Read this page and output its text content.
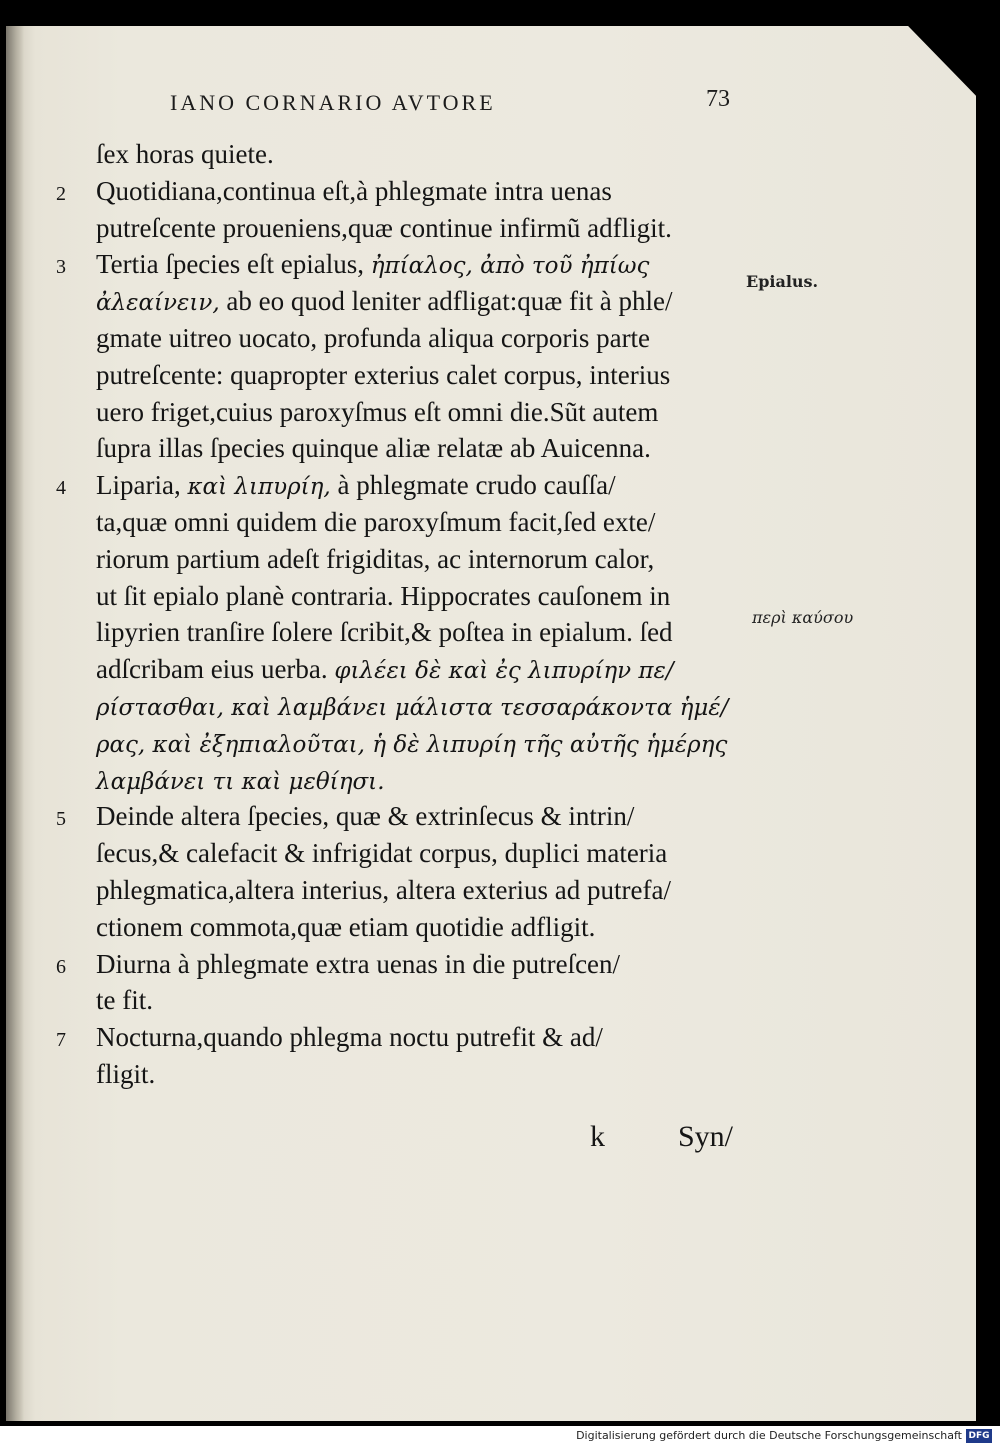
IANO CORNARIO AVTORE	73
ſex horas quiete.
2 Quotidiana,continua eſt,à phlegmate intra uenas
putreſcente proueniens,quæ continue infirmũ adfligit.
3 Tertia ſpecies eſt epialus, ἠπίαλος, ἀπὸ τοῦ ἠπίως
ἀλεαίνειν, ab eo quod leniter adfligat:quæ fit à phle/
gmate uitreo uocato, profunda aliqua corporis parte
putreſcente: quapropter exterius calet corpus, interius
uero friget,cuius paroxyſmus eſt omni die.Sũt autem
ſupra illas ſpecies quinque aliæ relatæ ab Auicenna.
4 Liparia, καὶ λιπυρίη, à phlegmate crudo cauſſa/
ta,quæ omni quidem die paroxyſmum facit,ſed exte/
riorum partium adeſt frigiditas, ac internorum calor,
ut ſit epialo planè contraria. Hippocrates cauſonem in
lipyrien tranſire ſolere ſcribit,& poſtea in epialum. ſed
adſcribam eius uerba. φιλέει δὲ καὶ ἐς λιπυρίην πε/
ρίστασθαι, καὶ λαμβάνει μάλιστα τεσσαράκοντα ἡμέ/
ρας, καὶ ἐξηπιαλοῦται, ἡ δὲ λιπυρίη τῆς αὐτῆς ἡμέρης
λαμβάνει τι καὶ μεθίησι.
5 Deinde altera ſpecies, quæ & extrinſecus & intrin/
ſecus,& calefacit & infrigidat corpus, duplici materia
phlegmatica,altera interius, altera exterius ad putrefa/
ctionem commota,quæ etiam quotidie adfligit.
6 Diurna à phlegmate extra uenas in die putreſcen/
te fit.
7 Nocturna,quando phlegma noctu putrefit & ad/
fligit.
Epialus.
περὶ καύσου
k Syn/
Digitalisierung gefördert durch die Deutsche Forschungsgemeinschaft DFG
